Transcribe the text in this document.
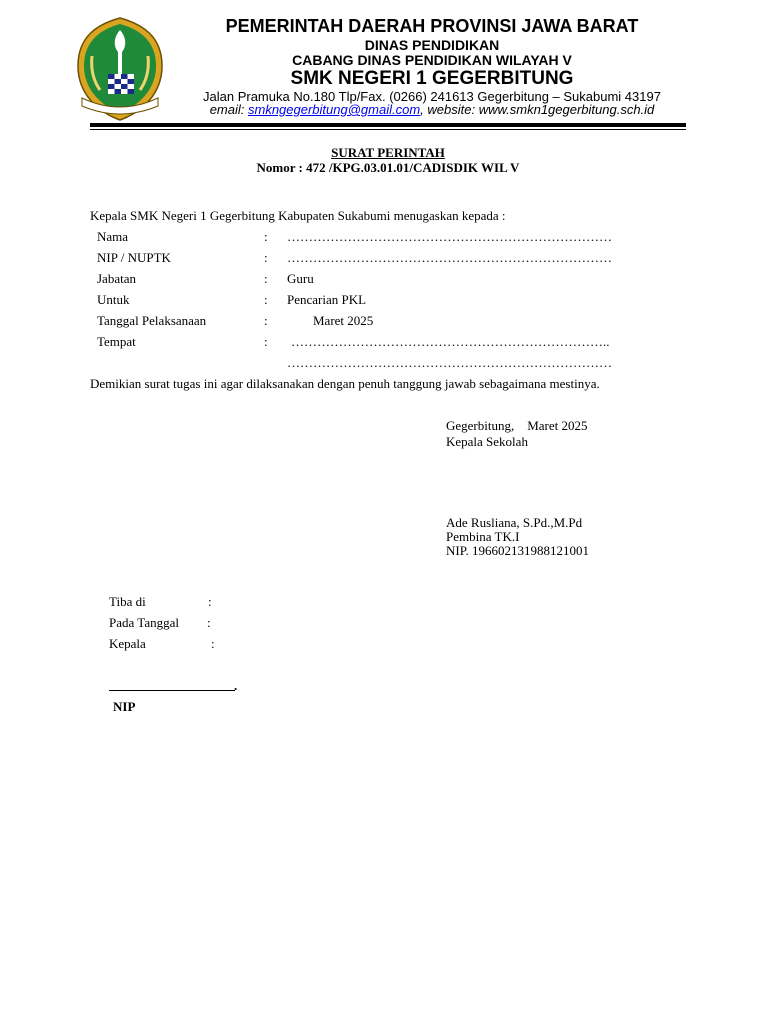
PEMERINTAH DAERAH PROVINSI JAWA BARAT
DINAS PENDIDIKAN
CABANG DINAS PENDIDIKAN WILAYAH V
SMK NEGERI 1 GEGERBITUNG
Jalan Pramuka No.180 Tlp/Fax. (0266) 241613 Gegerbitung – Sukabumi 43197
email: smkngegerbitung@gmail.com, website: www.smkn1gegerbitung.sch.id
SURAT PERINTAH
Nomor : 472 /KPG.03.01.01/CADISDIK WIL V
Kepala SMK Negeri 1 Gegerbitung Kabupaten Sukabumi menugaskan kepada :
Nama	: …………………………………………………………………
NIP / NUPTK	: …………………………………………………………………
Jabatan	: Guru
Untuk	: Pencarian PKL
Tanggal Pelaksanaan	:	Maret 2025
Tempat	: ………………………………………………………………..
…………………………………………………………………
Demikian surat tugas ini agar dilaksanakan dengan penuh tanggung jawab sebagaimana mestinya.
Gegerbitung,    Maret 2025
Kepala Sekolah
Ade Rusliana, S.Pd.,M.Pd
Pembina TK.I
NIP. 196602131988121001
Tiba di	:
Pada Tanggal :
Kepala	:
.
NIP
